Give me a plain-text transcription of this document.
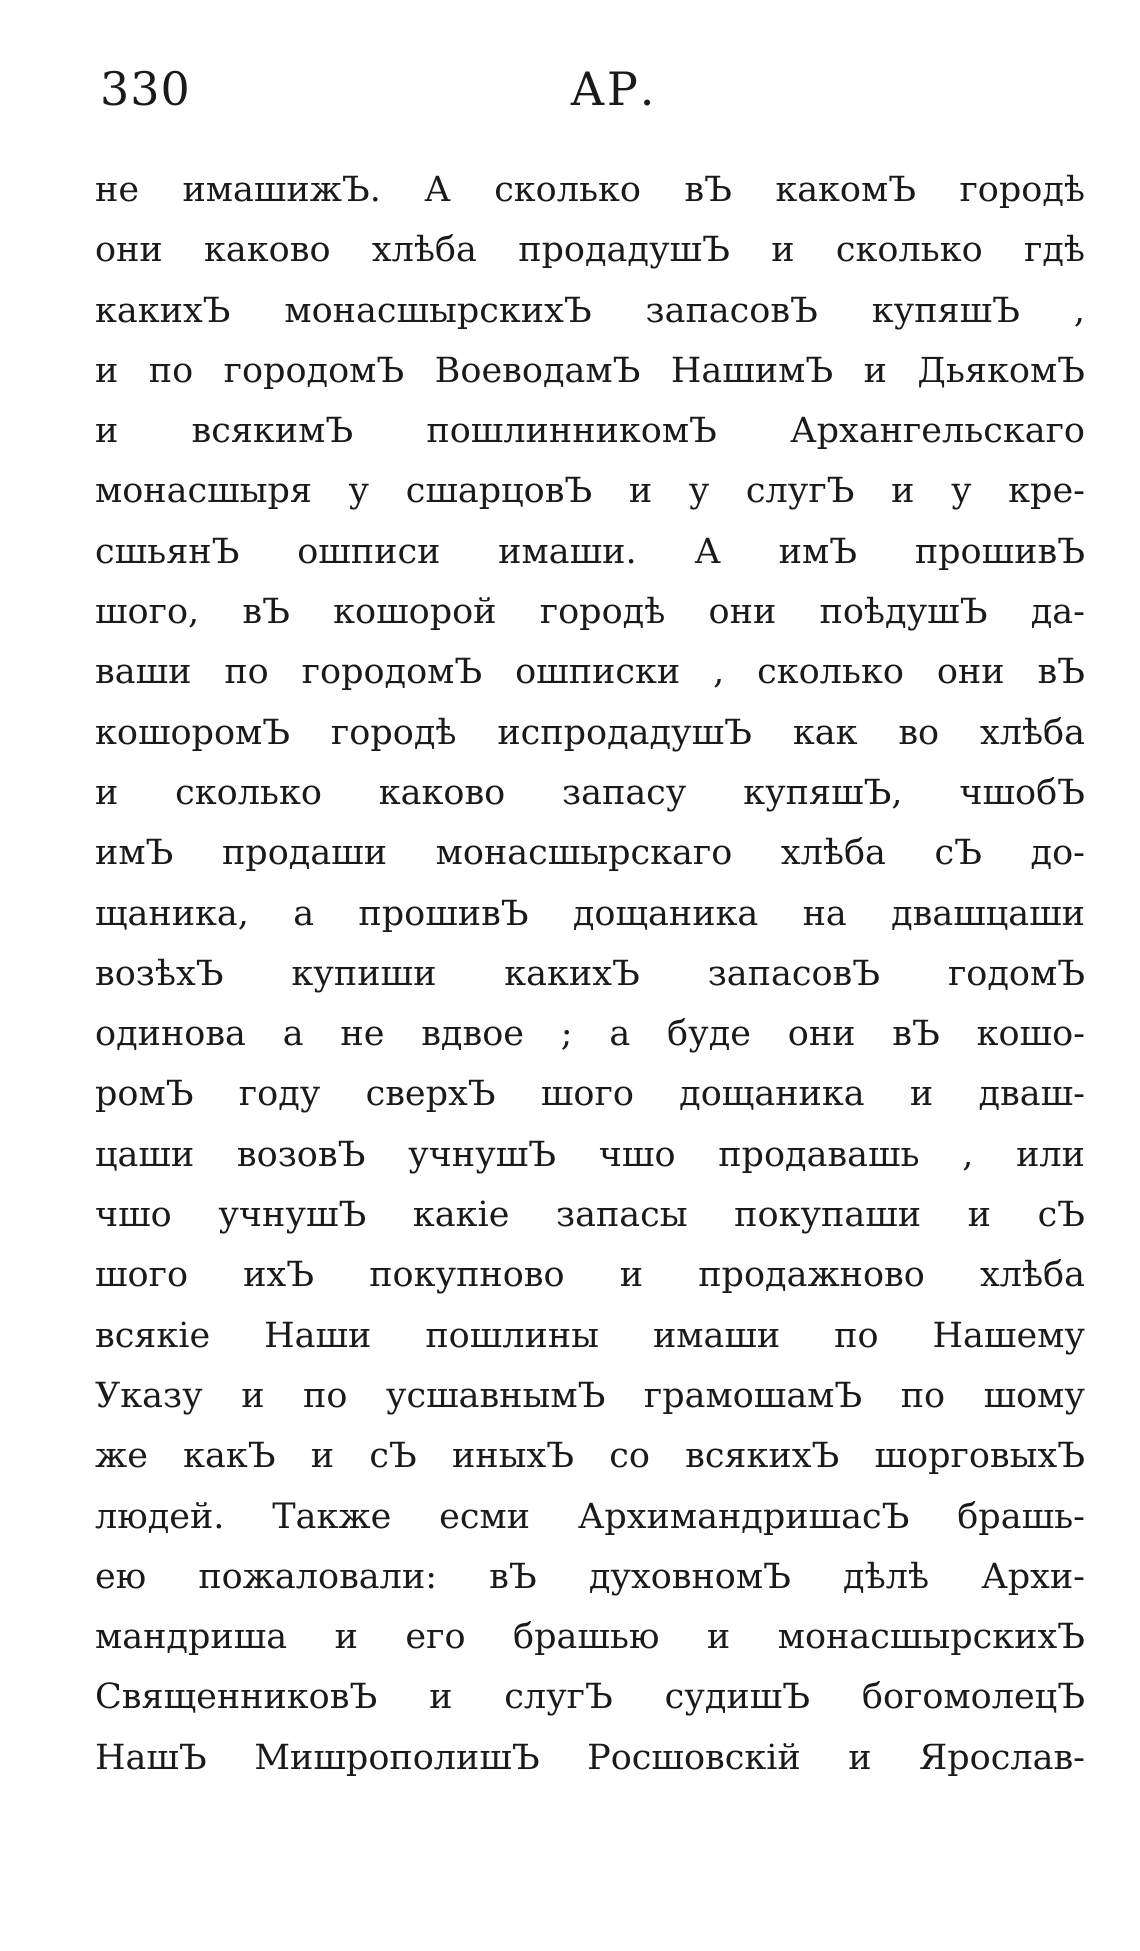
330	АР.
не имашижЪ. А сколько вЪ какомЪ городѣ
они каково хлѣба продадушЪ и сколько гдѣ
какихЪ монасшырскихЪ запасовЪ купяшЪ ,
и по городомЪ ВоеводамЪ НашимЪ и ДьякомЪ
и всякимЪ пошлинникомЪ Архангельскаго
монасшыря у сшарцовЪ и у слугЪ и у кре-
сшьянЪ ошписи имаши. А имЪ прошивЪ
шого, вЪ кошорой городѣ они поѣдушЪ да-
ваши по городомЪ ошписки , сколько они вЪ
кошоромЪ городѣ испродадушЪ как во хлѣба
и сколько каково запасу купяшЪ, чшобЪ
имЪ продаши монасшырскаго хлѣба сЪ до-
щаника, а прошивЪ дощаника на двашцаши
возѣхЪ купиши какихЪ запасовЪ годомЪ
одинова а не вдвое ; а буде они вЪ кошо-
ромЪ году сверхЪ шого дощаника и дваш-
цаши возовЪ учнушЪ чшо продавашь , или
чшо учнушЪ какіе запасы покупаши и сЪ
шого ихЪ покупново и продажново хлѣба
всякіе Наши пошлины имаши по Нашему
Указу и по усшавнымЪ грамошамЪ по шому
же какЪ и сЪ иныхЪ со всякихЪ шорговыхЪ
людей. Также есми АрхимандришасЪ брашь-
ею пожаловали: вЪ духовномЪ дѣлѣ Архи-
мандриша и его брашью и монасшырскихЪ
СвященниковЪ и слугЪ судишЪ богомолецЪ
НашЪ МишрополишЪ Росшовскій и Ярослав-
